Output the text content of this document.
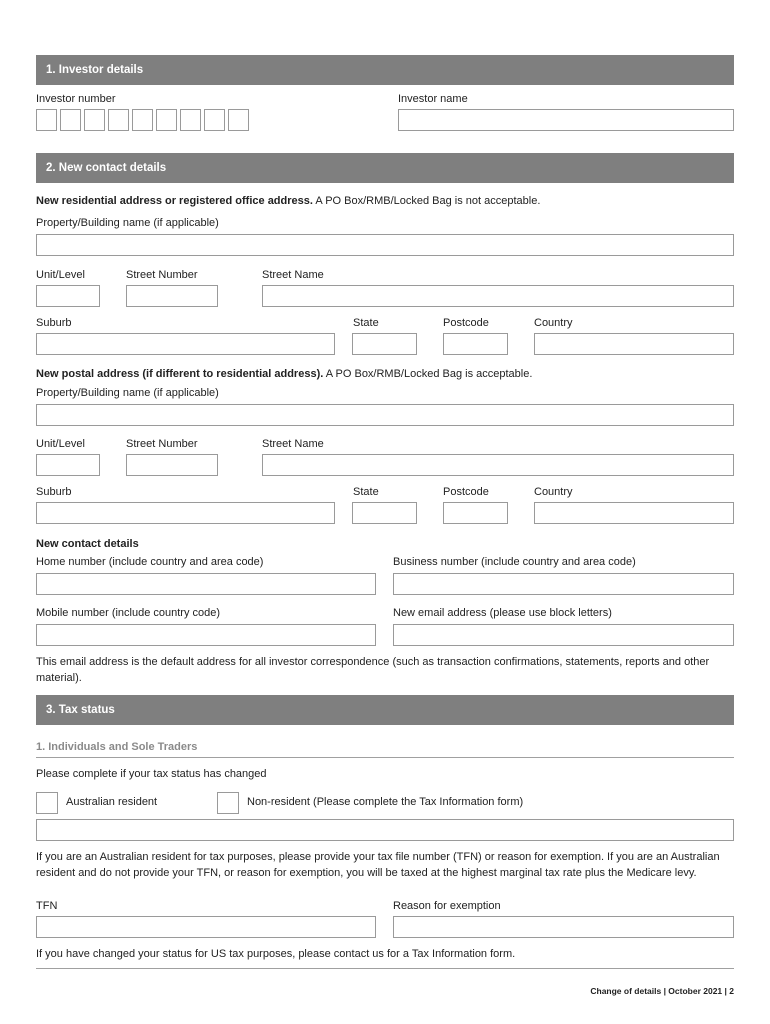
1. Investor details
Investor number	Investor name
2. New contact details
New residential address or registered office address. A PO Box/RMB/Locked Bag is not acceptable.
Property/Building name (if applicable)
Unit/Level	Street Number	Street Name
Suburb	State	Postcode	Country
New postal address (if different to residential address). A PO Box/RMB/Locked Bag is acceptable.
Property/Building name (if applicable)
Unit/Level	Street Number	Street Name
Suburb	State	Postcode	Country
New contact details
Home number (include country and area code)	Business number (include country and area code)
Mobile number (include country code)	New email address (please use block letters)
This email address is the default address for all investor correspondence (such as transaction confirmations, statements, reports and other material).
3. Tax status
1. Individuals and Sole Traders
Please complete if your tax status has changed
Australian resident	Non-resident (Please complete the Tax Information form)
If you are an Australian resident for tax purposes, please provide your tax file number (TFN) or reason for exemption. If you are an Australian resident and do not provide your TFN, or reason for exemption, you will be taxed at the highest marginal tax rate plus the Medicare levy.
TFN	Reason for exemption
If you have changed your status for US tax purposes, please contact us for a Tax Information form.
Change of details | October 2021 | 2
